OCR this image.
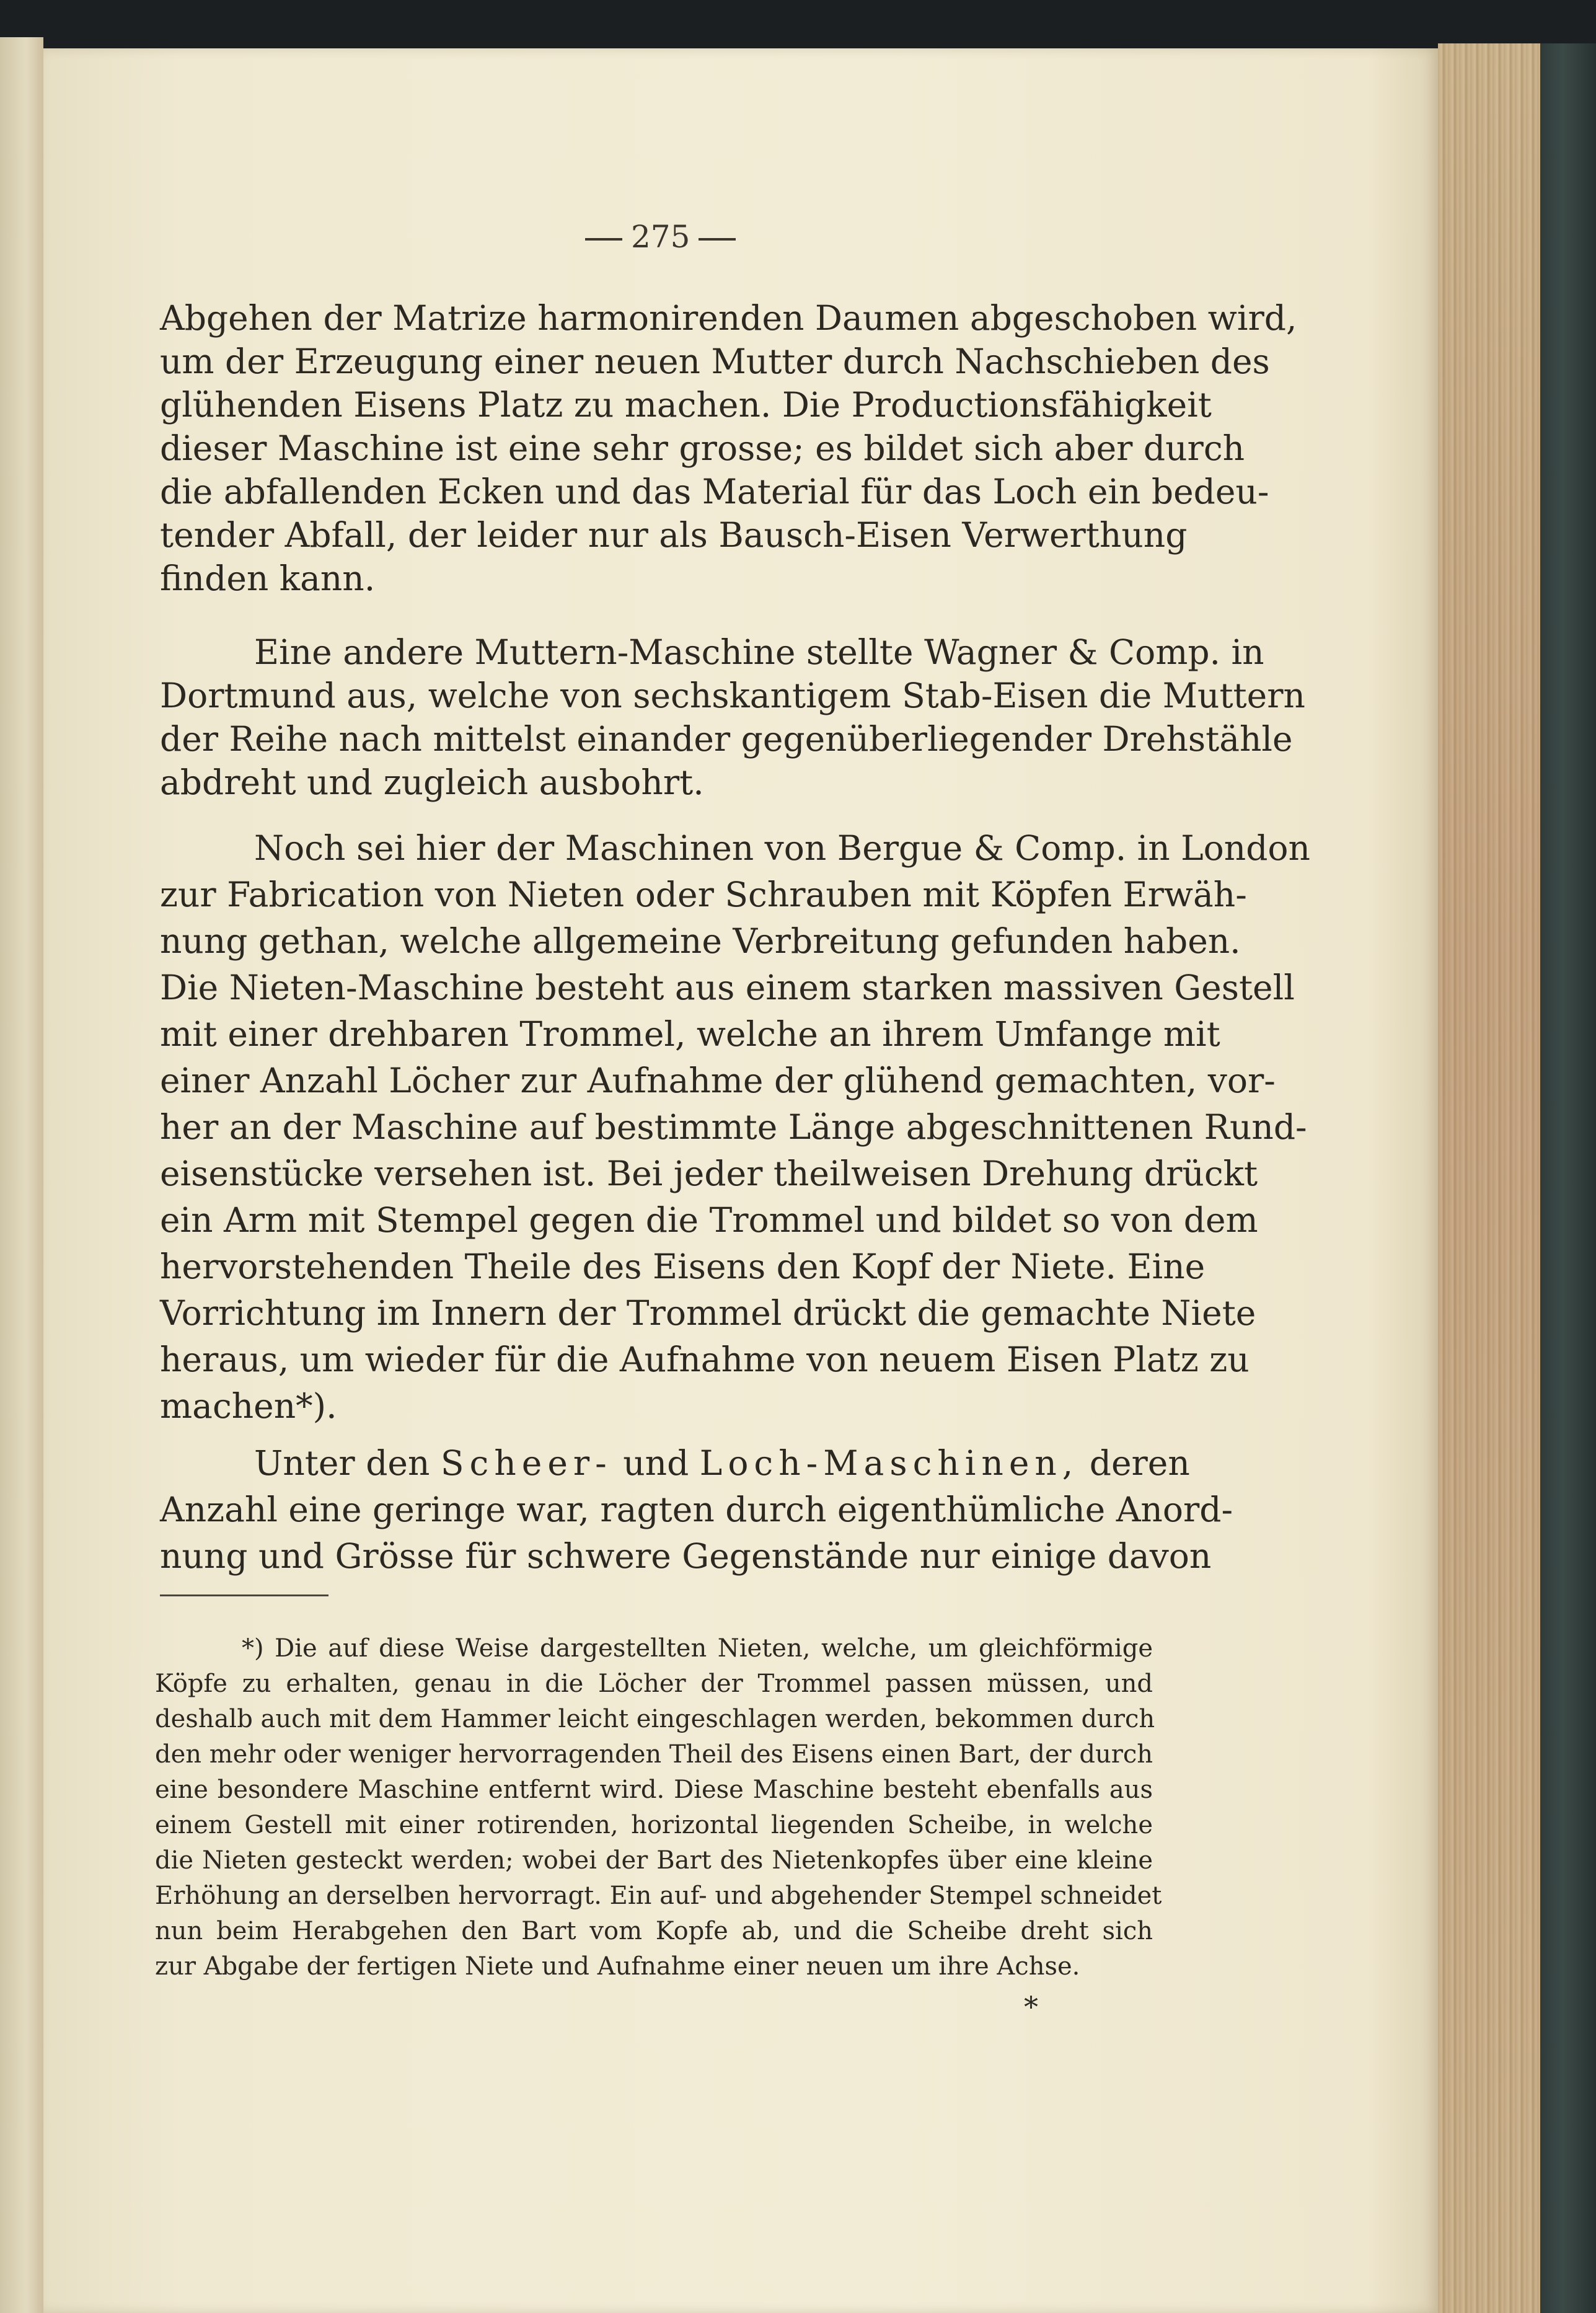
275
Abgehen der Matrize harmonirenden Daumen abgeschoben wird,
um der Erzeugung einer neuen Mutter durch Nachschieben des
glühenden Eisens Platz zu machen. Die Productionsfähigkeit
dieser Maschine ist eine sehr grosse; es bildet sich aber durch
die abfallenden Ecken und das Material für das Loch ein bedeu-
tender Abfall, der leider nur als Bausch-Eisen Verwerthung
finden kann.
Eine andere Muttern-Maschine stellte Wagner & Comp. in
Dortmund aus, welche von sechskantigem Stab-Eisen die Muttern
der Reihe nach mittelst einander gegenüberliegender Drehstähle
abdreht und zugleich ausbohrt.
Noch sei hier der Maschinen von Bergue & Comp. in London
zur Fabrication von Nieten oder Schrauben mit Köpfen Erwäh-
nung gethan, welche allgemeine Verbreitung gefunden haben.
Die Nieten-Maschine besteht aus einem starken massiven Gestell
mit einer drehbaren Trommel, welche an ihrem Umfange mit
einer Anzahl Löcher zur Aufnahme der glühend gemachten, vor-
her an der Maschine auf bestimmte Länge abgeschnittenen Rund-
eisenstücke versehen ist. Bei jeder theilweisen Drehung drückt
ein Arm mit Stempel gegen die Trommel und bildet so von dem
hervorstehenden Theile des Eisens den Kopf der Niete. Eine
Vorrichtung im Innern der Trommel drückt die gemachte Niete
heraus, um wieder für die Aufnahme von neuem Eisen Platz zu
machen*).
Unter den Scheer- und Loch-Maschinen, deren
Anzahl eine geringe war, ragten durch eigenthümliche Anord-
nung und Grösse für schwere Gegenstände nur einige davon
*) Die auf diese Weise dargestellten Nieten, welche, um gleichförmige
Köpfe zu erhalten, genau in die Löcher der Trommel passen müssen, und
deshalb auch mit dem Hammer leicht eingeschlagen werden, bekommen durch
den mehr oder weniger hervorragenden Theil des Eisens einen Bart, der durch
eine besondere Maschine entfernt wird. Diese Maschine besteht ebenfalls aus
einem Gestell mit einer rotirenden, horizontal liegenden Scheibe, in welche
die Nieten gesteckt werden; wobei der Bart des Nietenkopfes über eine kleine
Erhöhung an derselben hervorragt. Ein auf- und abgehender Stempel schneidet
nun beim Herabgehen den Bart vom Kopfe ab, und die Scheibe dreht sich
zur Abgabe der fertigen Niete und Aufnahme einer neuen um ihre Achse.
*
